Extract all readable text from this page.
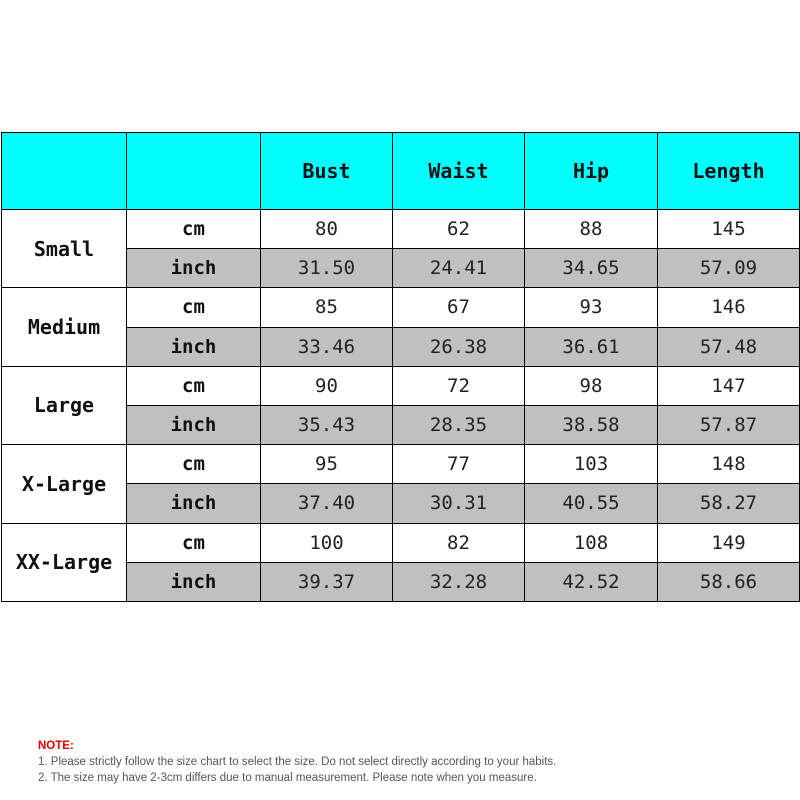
		Bust	Waist	Hip	Length
Small	cm	80	62	88	145
	inch	31.50	24.41	34.65	57.09
Medium	cm	85	67	93	146
	inch	33.46	26.38	36.61	57.48
Large	cm	90	72	98	147
	inch	35.43	28.35	38.58	57.87
X-Large	cm	95	77	103	148
	inch	37.40	30.31	40.55	58.27
XX-Large	cm	100	82	108	149
	inch	39.37	32.28	42.52	58.66
NOTE:
1. Please strictly follow the size chart to select the size. Do not select directly according to your habits.
2. The size may have 2-3cm differs due to manual measurement. Please note when you measure.
